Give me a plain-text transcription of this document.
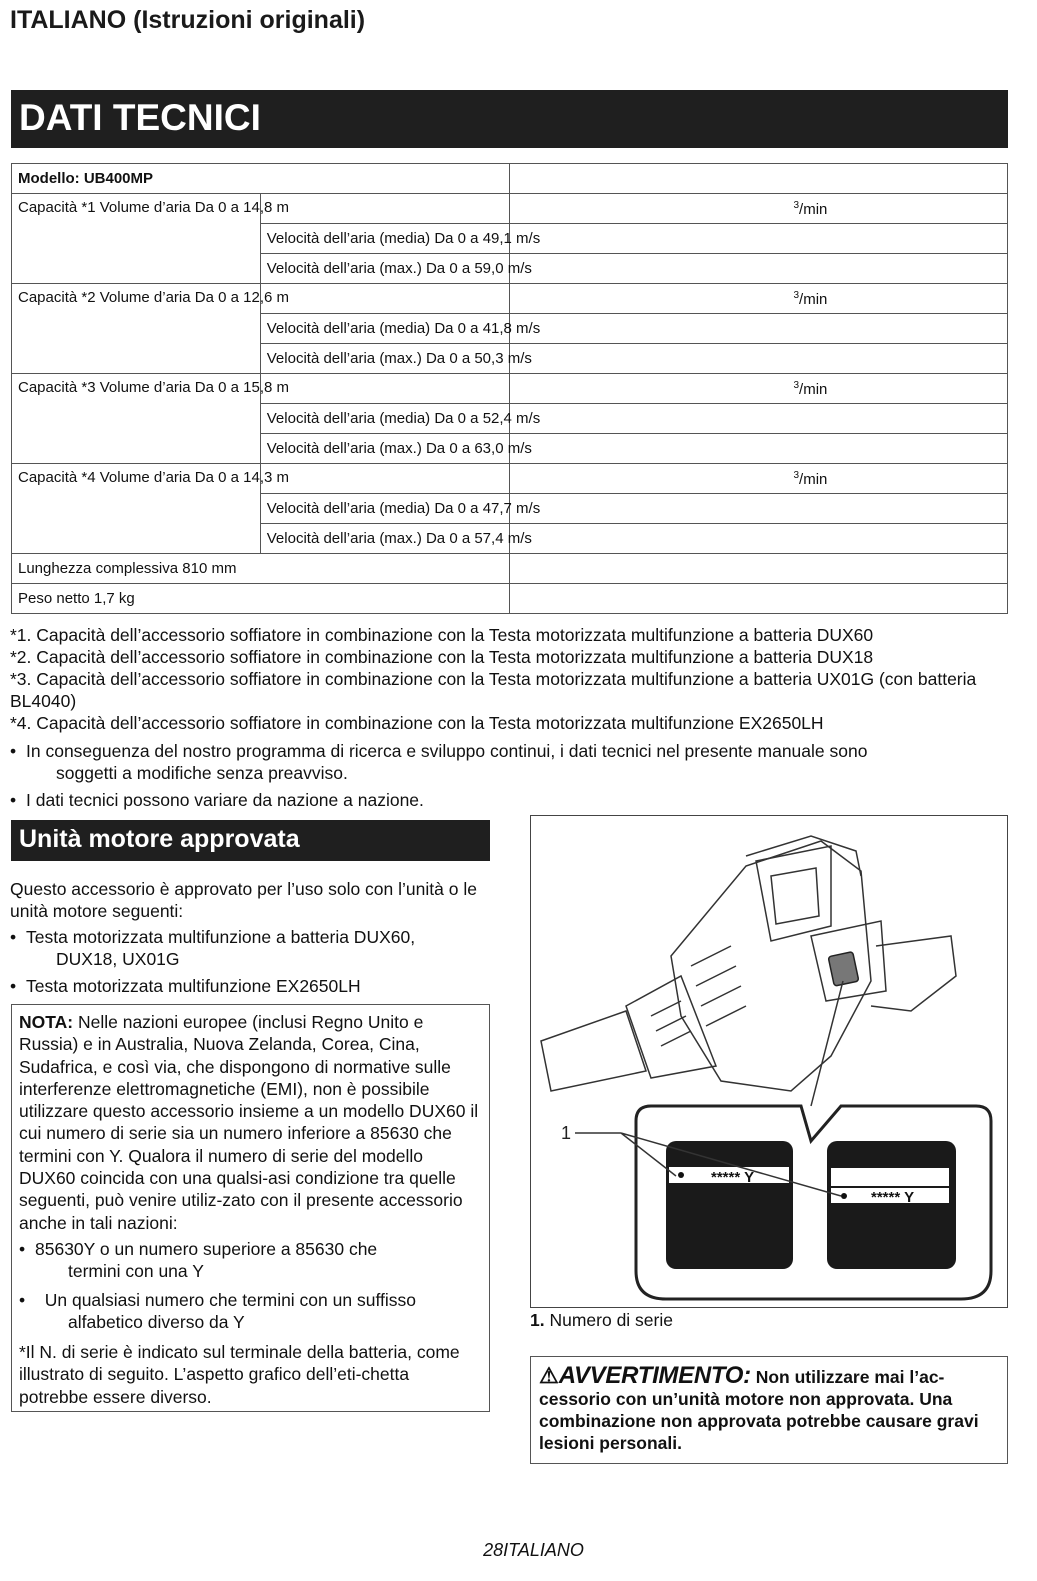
ITALIANO (Istruzioni originali)
DATI TECNICI
Modello: UB400MP		

Capacità *1 Volume d’aria Da 0 a 14,8 m		$^3$/min

	Velocità dell’aria (media) Da 0 a 49,1 m/s	

	Velocità dell’aria (max.) Da 0 a 59,0 m/s	

Capacità *2 Volume d’aria Da 0 a 12,6 m		$^3$/min

	Velocità dell’aria (media) Da 0 a 41,8 m/s	

	Velocità dell’aria (max.) Da 0 a 50,3 m/s	

Capacità *3 Volume d’aria Da 0 a 15,8 m		$^3$/min

	Velocità dell’aria (media) Da 0 a 52,4 m/s	

	Velocità dell’aria (max.) Da 0 a 63,0 m/s	

Capacità *4 Volume d’aria Da 0 a 14,3 m		$^3$/min

	Velocità dell’aria (media) Da 0 a 47,7 m/s	

	Velocità dell’aria (max.) Da 0 a 57,4 m/s	

Lunghezza complessiva 810 mm		

Peso netto 1,7 kg		

*1. Capacità dell’accessorio soffiatore in combinazione con la Testa motorizzata multifunzione a batteria DUX60

*2. Capacità dell’accessorio soffiatore in combinazione con la Testa motorizzata multifunzione a batteria DUX18

*3. Capacità dell’accessorio soffiatore in combinazione con la Testa motorizzata multifunzione a batteria UX01G (con batteria BL4040)

*4. Capacità dell’accessorio soffiatore in combinazione con la Testa motorizzata multifunzione EX2650LH

• In conseguenza del nostro programma di ricerca e sviluppo continui, i dati tecnici nel presente manuale sono
soggetti a modifiche senza preavviso.
• I dati tecnici possono variare da nazione a nazione.
Unità motore approvata

Questo accessorio è approvato per l’uso solo con l’unità o le unità motore seguenti:

• Testa motorizzata multifunzione a batteria DUX60,
DUX18, UX01G
• Testa motorizzata multifunzione EX2650LH

NOTA: Nelle nazioni europee (inclusi Regno Unito e Russia) e in Australia, Nuova Zelanda, Corea, Cina, Sudafrica, e così via, che dispongono di normative sulle interferenze elettromagnetiche (EMI), non è possibile utilizzare questo accessorio insieme a un modello DUX60 il cui numero di serie sia un numero inferiore a 85630 che termini con Y. Qualora il numero di serie del modello DUX60 coincida con una qualsi-asi condizione tra quelle seguenti, può venire utiliz-zato con il presente accessorio anche in tali nazioni:

• 85630Y o un numero superiore a 85630 che
termini con una Y
• Un qualsiasi numero che termini con un suffisso
alfabetico diverso da Y

*Il N. di serie è indicato sul terminale della batteria, come illustrato di seguito. L’aspetto grafico dell’eti-chetta potrebbe essere diverso.

***** Y
***** Y
1
1. Numero di serie
⚠AVVERTIMENTO: Non utilizzare mai l’ac-cessorio con un’unità motore non approvata. Una combinazione non approvata potrebbe causare gravi lesioni personali.
28ITALIANO
